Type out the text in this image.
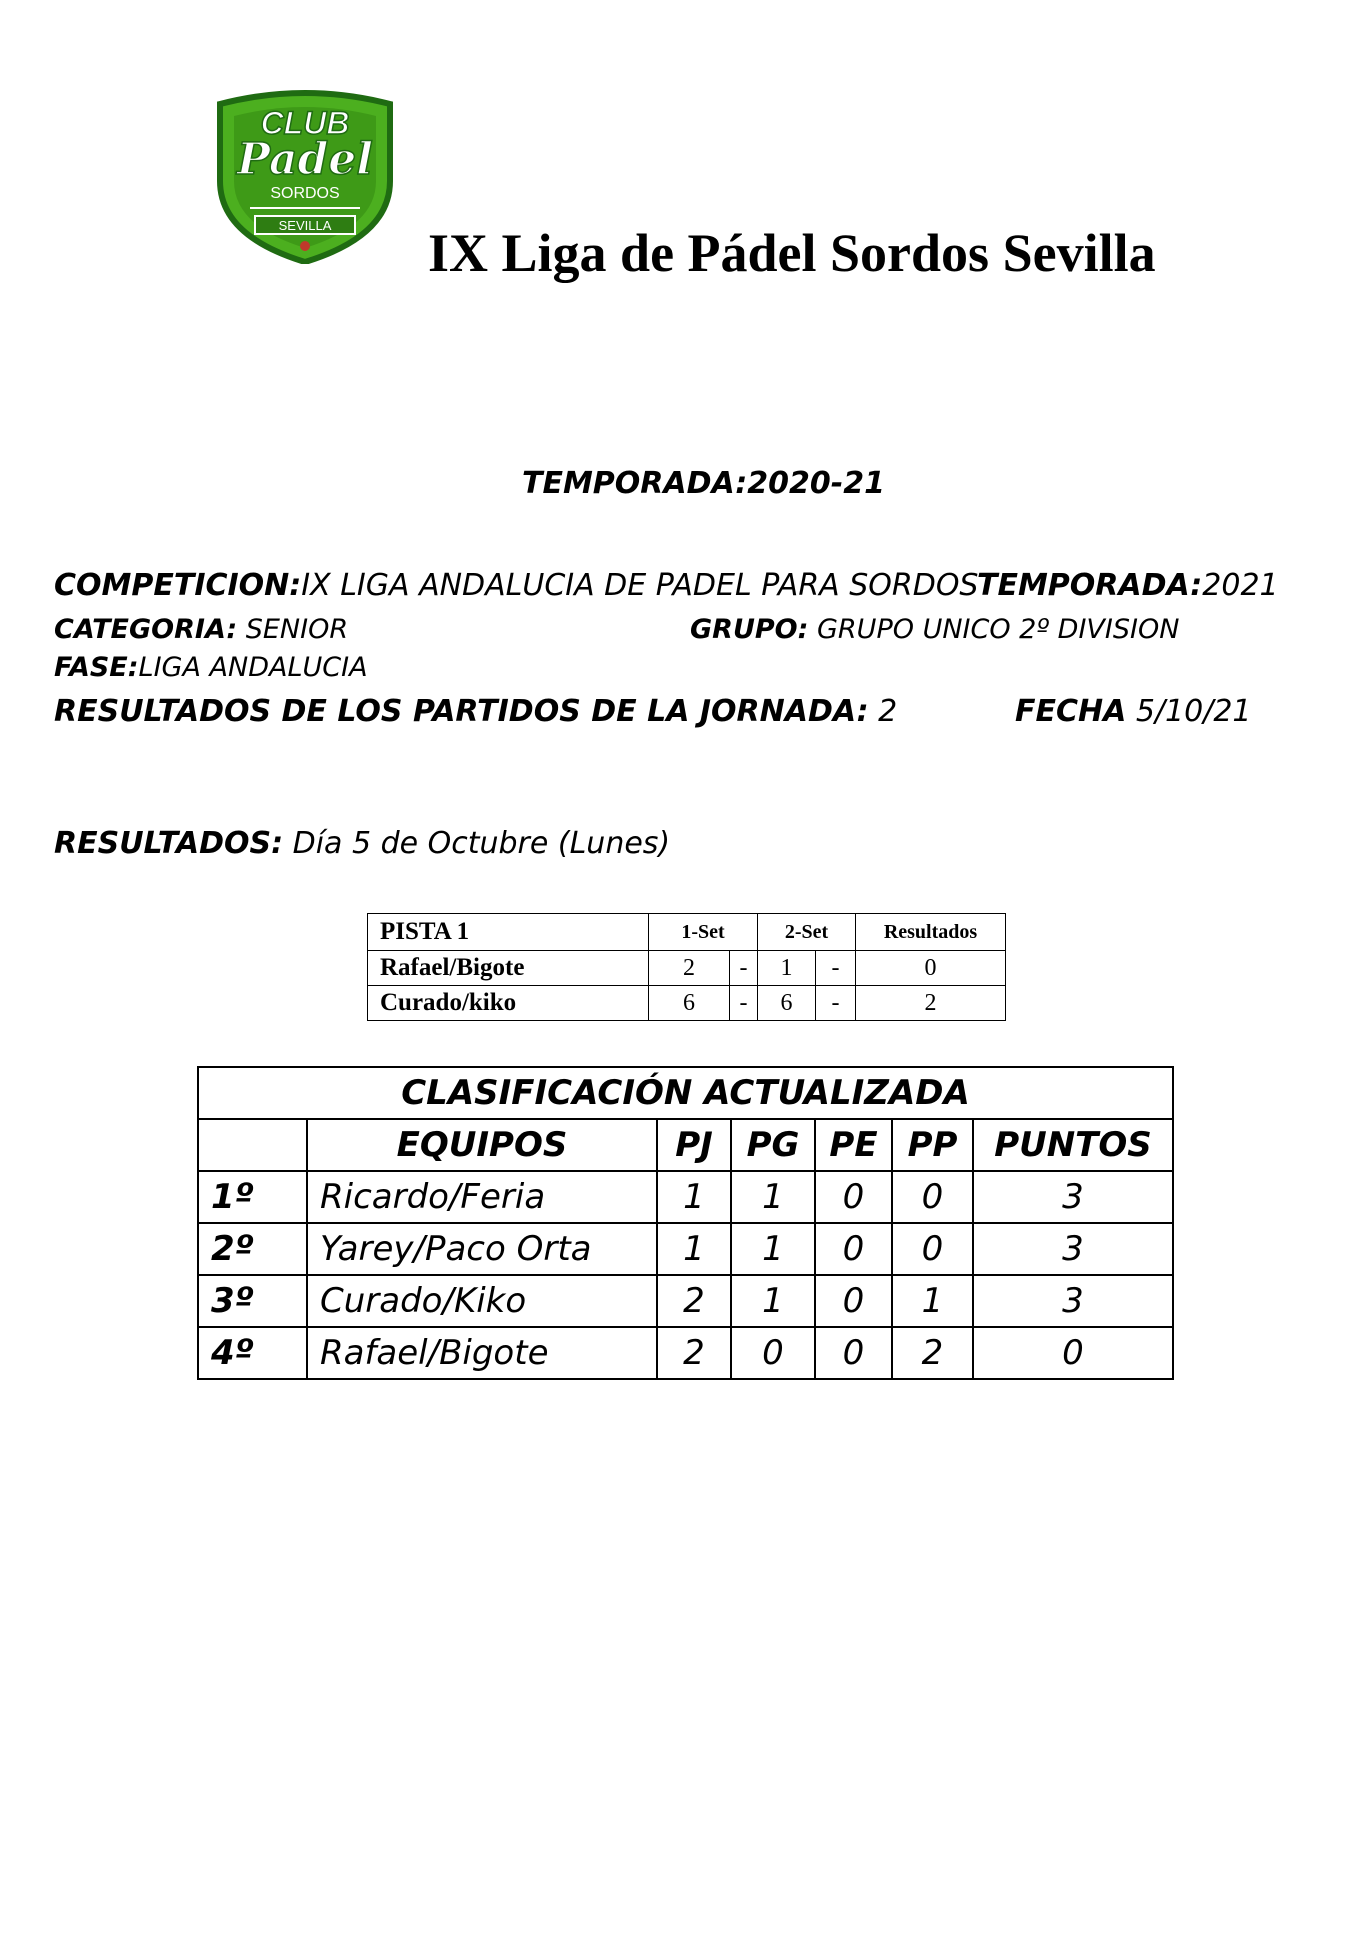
CLUB
Padel
SORDOS
SEVILLA IX Liga de Pádel Sordos Sevilla
TEMPORADA:2020-21
COMPETICION:IX LIGA ANDALUCIA DE PADEL PARA SORDOS
TEMPORADA:2021
CATEGORIA: SENIOR	GRUPO: GRUPO UNICO 2º DIVISION
FASE:LIGA ANDALUCIA
RESULTADOS DE LOS PARTIDOS DE LA JORNADA: 2	FECHA 5/10/21
RESULTADOS: Día 5 de Octubre (Lunes)
PISTA 1	1-Set		2-Set		Resultados
Rafael/Bigote	2	-	1	-	0
Curado/kiko	6	-	6	-	2
CLASIFICACIÓN ACTUALIZADA						
	EQUIPOS	PJ	PG	PE	PP	PUNTOS
1º	Ricardo/Feria	1	1	0	0	3
2º	Yarey/Paco Orta	1	1	0	0	3
3º	Curado/Kiko	2	1	0	1	3
4º	Rafael/Bigote	2	0	0	2	0
